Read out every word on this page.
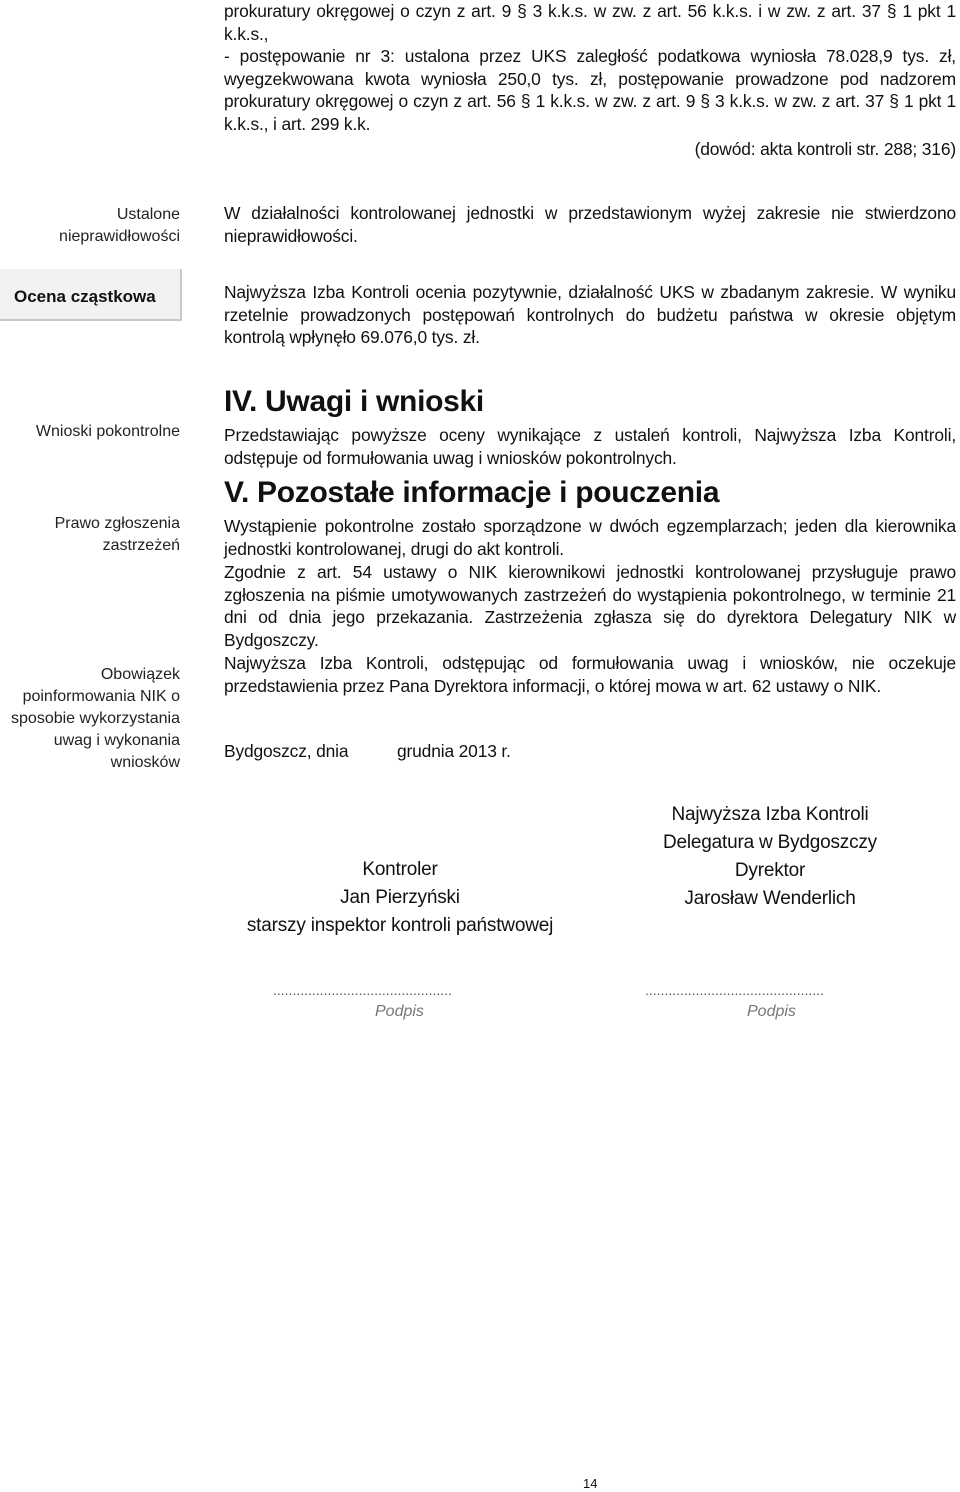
prokuratury okręgowej o czyn z art. 9 § 3 k.k.s. w zw. z art. 56 k.k.s. i w zw. z art. 37 § 1 pkt 1 k.k.s.,

- postępowanie nr 3: ustalona przez UKS zaległość podatkowa wyniosła 78.028,9 tys. zł, wyegzekwowana kwota wyniosła 250,0 tys. zł, postępowanie prowadzone pod nadzorem prokuratury okręgowej o czyn z art. 56 § 1 k.k.s. w zw. z art. 9 § 3 k.k.s. w zw. z art. 37 § 1 pkt 1 k.k.s., i art. 299 k.k.

(dowód: akta kontroli str. 288; 316)

Ustalone nieprawidłowości
Ocena cząstkowa
Wnioski pokontrolne
Prawo zgłoszenia zastrzeżeń
Obowiązek poinformowania NIK o sposobie wykorzystania uwag i wykonania wniosków

W działalności kontrolowanej jednostki w przedstawionym wyżej zakresie nie stwierdzono nieprawidłowości.

Najwyższa Izba Kontroli ocenia pozytywnie, działalność UKS w zbadanym zakresie. W wyniku rzetelnie prowadzonych postępowań kontrolnych do budżetu państwa w okresie objętym kontrolą wpłynęło 69.076,0 tys. zł.

IV. Uwagi i wnioski

Przedstawiając powyższe oceny wynikające z ustaleń kontroli, Najwyższa Izba Kontroli, odstępuje od formułowania uwag i wniosków pokontrolnych.

V. Pozostałe informacje i pouczenia

Wystąpienie pokontrolne zostało sporządzone w dwóch egzemplarzach; jeden dla kierownika jednostki kontrolowanej, drugi do akt kontroli.

Zgodnie z art. 54 ustawy o NIK kierownikowi jednostki kontrolowanej przysługuje prawo zgłoszenia na piśmie umotywowanych zastrzeżeń do wystąpienia pokontrolnego, w terminie 21 dni od dnia jego przekazania. Zastrzeżenia zgłasza się do dyrektora Delegatury NIK w Bydgoszczy.

Najwyższa Izba Kontroli, odstępując od formułowania uwag i wniosków, nie oczekuje przedstawienia przez Pana Dyrektora informacji, o której mowa w art. 62 ustawy o NIK.

Bydgoszcz, dnia	grudnia 2013 r.
Kontroler
Jan Pierzyński
starszy inspektor kontroli państwowej
Najwyższa Izba Kontroli
Delegatura w Bydgoszczy
Dyrektor
Jarosław Wenderlich
..............................................
Podpis
..............................................
Podpis
14
